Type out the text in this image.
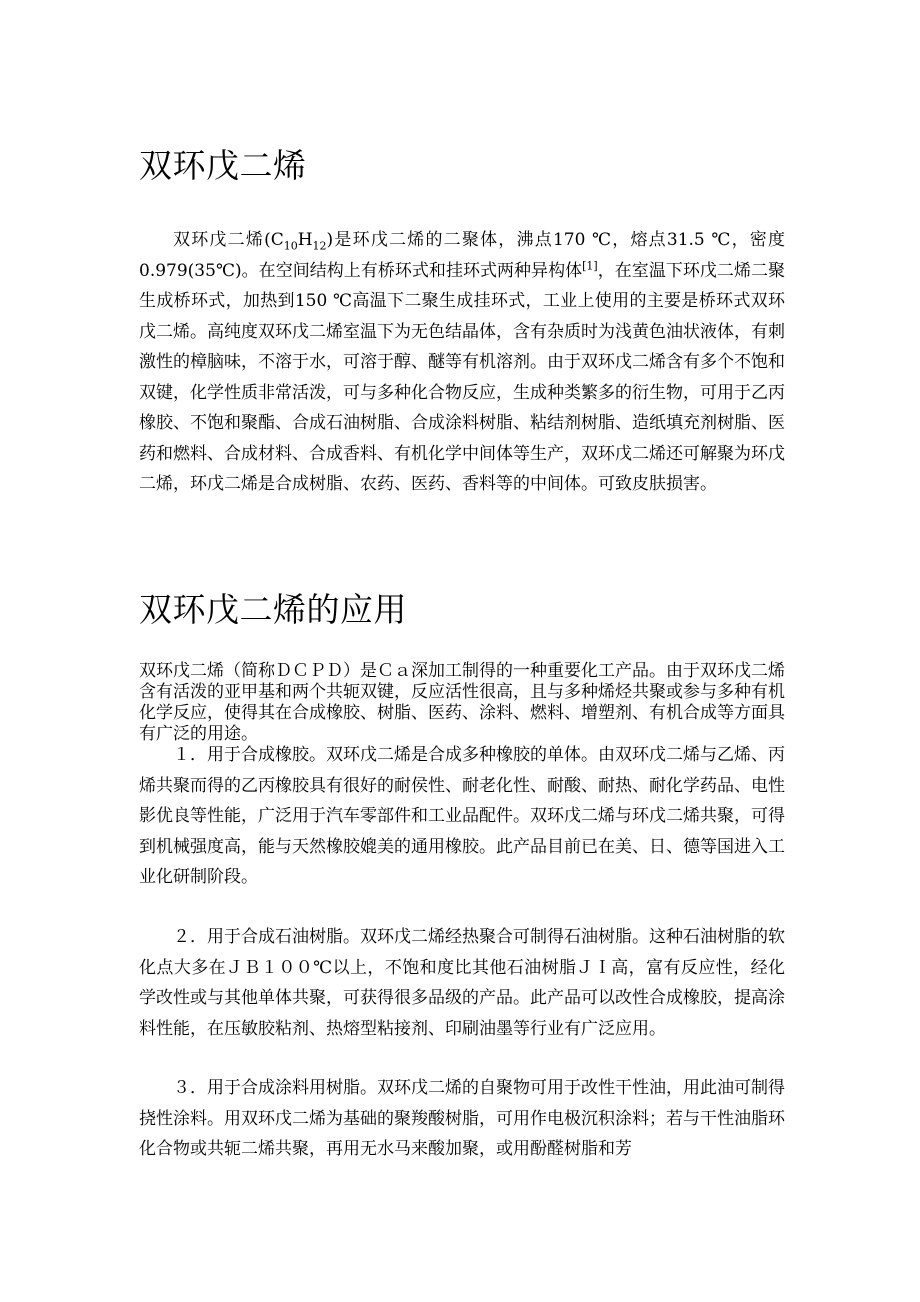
双环戊二烯

双环戊二烯$(C_{10}H_{12})$是环戊二烯的二聚体，沸点170 ℃，熔点31.5 ℃，密度0.979(35℃)。在空间结构上有桥环式和挂环式两种异构体[1]，在室温下环戊二烯二聚生成桥环式，加热到150 ℃高温下二聚生成挂环式，工业上使用的主要是桥环式双环戊二烯。高纯度双环戊二烯室温下为无色结晶体，含有杂质时为浅黄色油状液体，有刺激性的樟脑味，不溶于水，可溶于醇、醚等有机溶剂。由于双环戊二烯含有多个不饱和双键，化学性质非常活泼，可与多种化合物反应，生成种类繁多的衍生物，可用于乙丙橡胶、不饱和聚酯、合成石油树脂、合成涂料树脂、粘结剂树脂、造纸填充剂树脂、医药和燃料、合成材料、合成香料、有机化学中间体等生产，双环戊二烯还可解聚为环戊二烯，环戊二烯是合成树脂、农药、医药、香料等的中间体。可致皮肤损害。

双环戊二烯的应用

双环戊二烯（简称ＤＣＰＤ）是Ｃａ深加工制得的一种重要化工产品。由于双环戊二烯含有活泼的亚甲基和两个共轭双键，反应活性很高，且与多种烯烃共聚或参与多种有机化学反应，使得其在合成橡胶、树脂、医药、涂料、燃料、增塑剂、有机合成等方面具有广泛的用途。

１．用于合成橡胶。双环戊二烯是合成多种橡胶的单体。由双环戊二烯与乙烯、丙烯共聚而得的乙丙橡胶具有很好的耐侯性、耐老化性、耐酸、耐热、耐化学药品、电性影优良等性能，广泛用于汽车零部件和工业品配件。双环戊二烯与环戊二烯共聚，可得到机械强度高，能与天然橡胶媲美的通用橡胶。此产品目前已在美、日、德等国进入工业化研制阶段。

２．用于合成石油树脂。双环戊二烯经热聚合可制得石油树脂。这种石油树脂的软化点大多在ＪＢ１００℃以上，不饱和度比其他石油树脂ＪＩ高，富有反应性，经化学改性或与其他单体共聚，可获得很多品级的产品。此产品可以改性合成橡胶，提高涂料性能，在压敏胶粘剂、热熔型粘接剂、印刷油墨等行业有广泛应用。

３．用于合成涂料用树脂。双环戊二烯的自聚物可用于改性干性油，用此油可制得挠性涂料。用双环戊二烯为基础的聚羧酸树脂，可用作电极沉积涂料；若与干性油脂环化合物或共轭二烯共聚，再用无水马来酸加聚，或用酚醛树脂和芳
